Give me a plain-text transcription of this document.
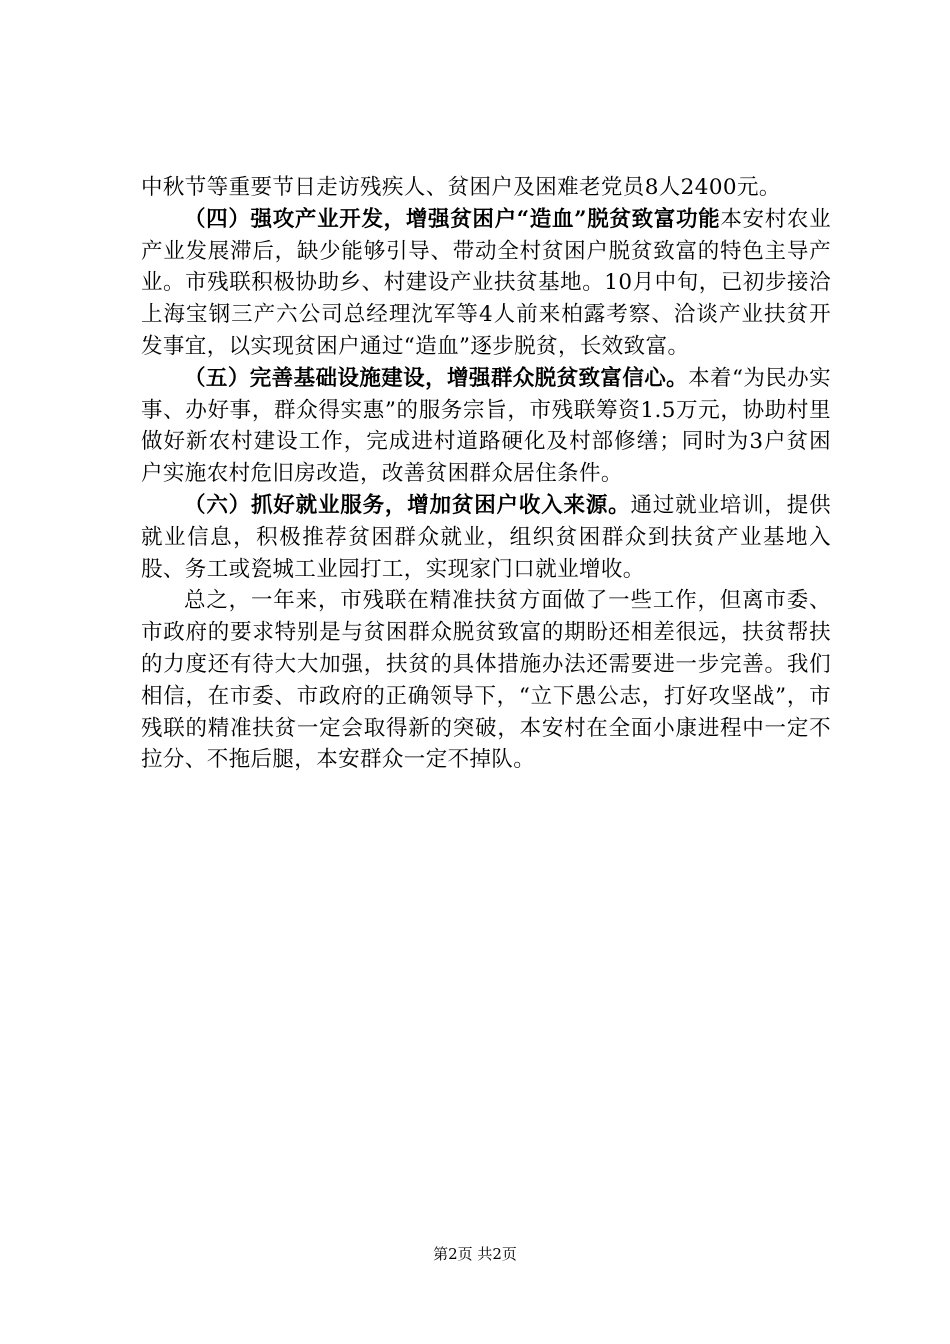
中秋节等重要节日走访残疾人、贫困户及困难老党员8人2400元。

（四）强攻产业开发，增强贫困户“造血”脱贫致富功能本安村农业产业发展滞后，缺少能够引导、带动全村贫困户脱贫致富的特色主导产业。市残联积极协助乡、村建设产业扶贫基地。10月中旬，已初步接洽上海宝钢三产六公司总经理沈军等4人前来柏露考察、洽谈产业扶贫开发事宜，以实现贫困户通过“造血”逐步脱贫，长效致富。

（五）完善基础设施建设，增强群众脱贫致富信心。本着“为民办实事、办好事，群众得实惠”的服务宗旨，市残联筹资1.5万元，协助村里做好新农村建设工作，完成进村道路硬化及村部修缮；同时为3户贫困户实施农村危旧房改造，改善贫困群众居住条件。

（六）抓好就业服务，增加贫困户收入来源。通过就业培训，提供就业信息，积极推荐贫困群众就业，组织贫困群众到扶贫产业基地入股、务工或瓷城工业园打工，实现家门口就业增收。

总之，一年来，市残联在精准扶贫方面做了一些工作，但离市委、市政府的要求特别是与贫困群众脱贫致富的期盼还相差很远，扶贫帮扶的力度还有待大大加强，扶贫的具体措施办法还需要进一步完善。我们相信，在市委、市政府的正确领导下，“立下愚公志，打好攻坚战”，市残联的精准扶贫一定会取得新的突破，本安村在全面小康进程中一定不拉分、不拖后腿，本安群众一定不掉队。

第2页 共2页
